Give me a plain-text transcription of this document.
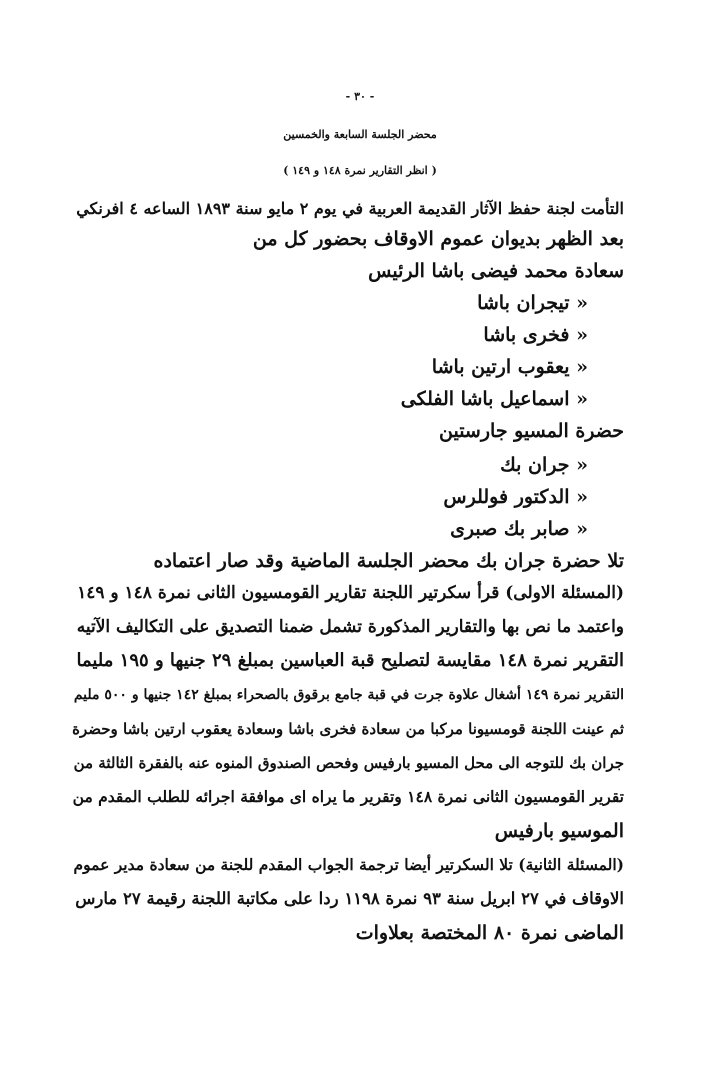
- ٣٠ -
محضر الجلسة السابعة والخمسين
( انظر التقارير نمرة ١٤٨ و ١٤٩ )
التأمت لجنة حفظ الآثار القديمة العربية في يوم ٢ مايو سنة ١٨٩٣ الساعه ٤ افرنكي
بعد الظهر بديوان عموم الاوقاف بحضور كل من
سعادة محمد فيضى باشا الرئيس
« تيجران باشا
« فخرى باشا
« يعقوب ارتين باشا
« اسماعيل باشا الفلكى
حضرة المسيو جارستين
« جران بك
« الدكتور فوللرس
« صابر بك صبرى
تلا حضرة جران بك محضر الجلسة الماضية وقد صار اعتماده
(المسئلة الاولى) قرأ سكرتير اللجنة تقارير القومسيون الثانى نمرة ١٤٨ و ١٤٩
واعتمد ما نص بها والتقارير المذكورة تشمل ضمنا التصديق على التكاليف الآتيه
التقرير نمرة ١٤٨ مقايسة لتصليح قبة العباسين بمبلغ ٢٩ جنيها و ١٩٥ مليما
التقرير نمرة ١٤٩ أشغال علاوة جرت في قبة جامع برقوق بالصحراء بمبلغ ١٤٢ جنيها و ٥٠٠ مليم
ثم عينت اللجنة قومسيونا مركبا من سعادة فخرى باشا وسعادة يعقوب ارتين باشا وحضرة
جران بك للتوجه الى محل المسيو بارفيس وفحص الصندوق المنوه عنه بالفقرة الثالثة من
تقرير القومسيون الثانى نمرة ١٤٨ وتقرير ما يراه اى موافقة اجرائه للطلب المقدم من
الموسيو بارفيس
(المسئلة الثانية) تلا السكرتير أيضا ترجمة الجواب المقدم للجنة من سعادة مدير عموم
الاوقاف في ٢٧ ابريل سنة ٩٣ نمرة ١١٩٨ ردا على مكاتبة اللجنة رقيمة ٢٧ مارس
الماضى نمرة ٨٠ المختصة بعلاوات
